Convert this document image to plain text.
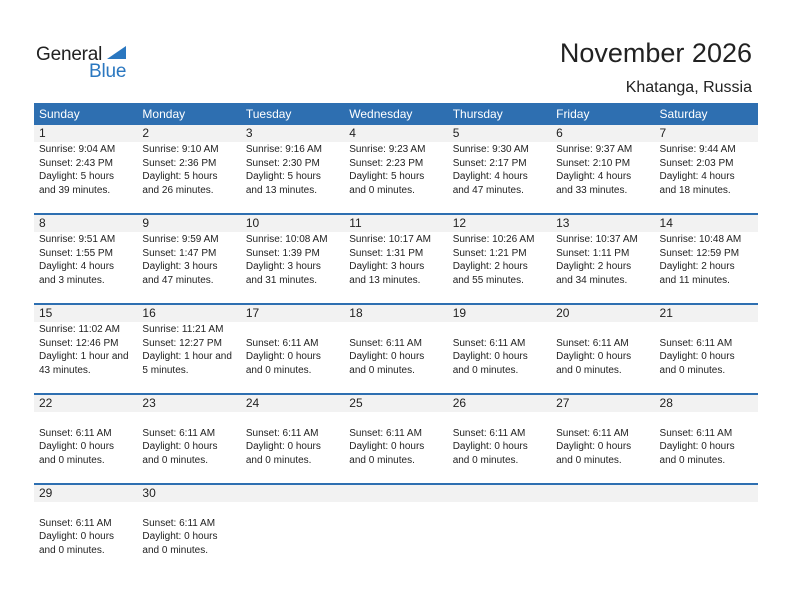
General
Blue
November 2026
Khatanga, Russia
Sunday	Monday	Tuesday	Wednesday	Thursday	Friday	Saturday
1	2	3	4	5	6	7
Sunrise: 9:04 AM
Sunset: 2:43 PM
Daylight: 5 hours
and 39 minutes.
Sunrise: 9:10 AM
Sunset: 2:36 PM
Daylight: 5 hours
and 26 minutes.
Sunrise: 9:16 AM
Sunset: 2:30 PM
Daylight: 5 hours
and 13 minutes.
Sunrise: 9:23 AM
Sunset: 2:23 PM
Daylight: 5 hours
and 0 minutes.
Sunrise: 9:30 AM
Sunset: 2:17 PM
Daylight: 4 hours
and 47 minutes.
Sunrise: 9:37 AM
Sunset: 2:10 PM
Daylight: 4 hours
and 33 minutes.
Sunrise: 9:44 AM
Sunset: 2:03 PM
Daylight: 4 hours
and 18 minutes.
8	9	10	11	12	13	14
Sunrise: 9:51 AM
Sunset: 1:55 PM
Daylight: 4 hours
and 3 minutes.
Sunrise: 9:59 AM
Sunset: 1:47 PM
Daylight: 3 hours
and 47 minutes.
Sunrise: 10:08 AM
Sunset: 1:39 PM
Daylight: 3 hours
and 31 minutes.
Sunrise: 10:17 AM
Sunset: 1:31 PM
Daylight: 3 hours
and 13 minutes.
Sunrise: 10:26 AM
Sunset: 1:21 PM
Daylight: 2 hours
and 55 minutes.
Sunrise: 10:37 AM
Sunset: 1:11 PM
Daylight: 2 hours
and 34 minutes.
Sunrise: 10:48 AM
Sunset: 12:59 PM
Daylight: 2 hours
and 11 minutes.
15	16	17	18	19	20	21
Sunrise: 11:02 AM
Sunset: 12:46 PM
Daylight: 1 hour and
43 minutes.
Sunrise: 11:21 AM
Sunset: 12:27 PM
Daylight: 1 hour and
5 minutes.
Sunset: 6:11 AM
Daylight: 0 hours
and 0 minutes.
Sunset: 6:11 AM
Daylight: 0 hours
and 0 minutes.
Sunset: 6:11 AM
Daylight: 0 hours
and 0 minutes.
Sunset: 6:11 AM
Daylight: 0 hours
and 0 minutes.
Sunset: 6:11 AM
Daylight: 0 hours
and 0 minutes.
22	23	24	25	26	27	28
Sunset: 6:11 AM
Daylight: 0 hours
and 0 minutes.
Sunset: 6:11 AM
Daylight: 0 hours
and 0 minutes.
Sunset: 6:11 AM
Daylight: 0 hours
and 0 minutes.
Sunset: 6:11 AM
Daylight: 0 hours
and 0 minutes.
Sunset: 6:11 AM
Daylight: 0 hours
and 0 minutes.
Sunset: 6:11 AM
Daylight: 0 hours
and 0 minutes.
Sunset: 6:11 AM
Daylight: 0 hours
and 0 minutes.
29	30
Sunset: 6:11 AM
Daylight: 0 hours
and 0 minutes.
Sunset: 6:11 AM
Daylight: 0 hours
and 0 minutes.
